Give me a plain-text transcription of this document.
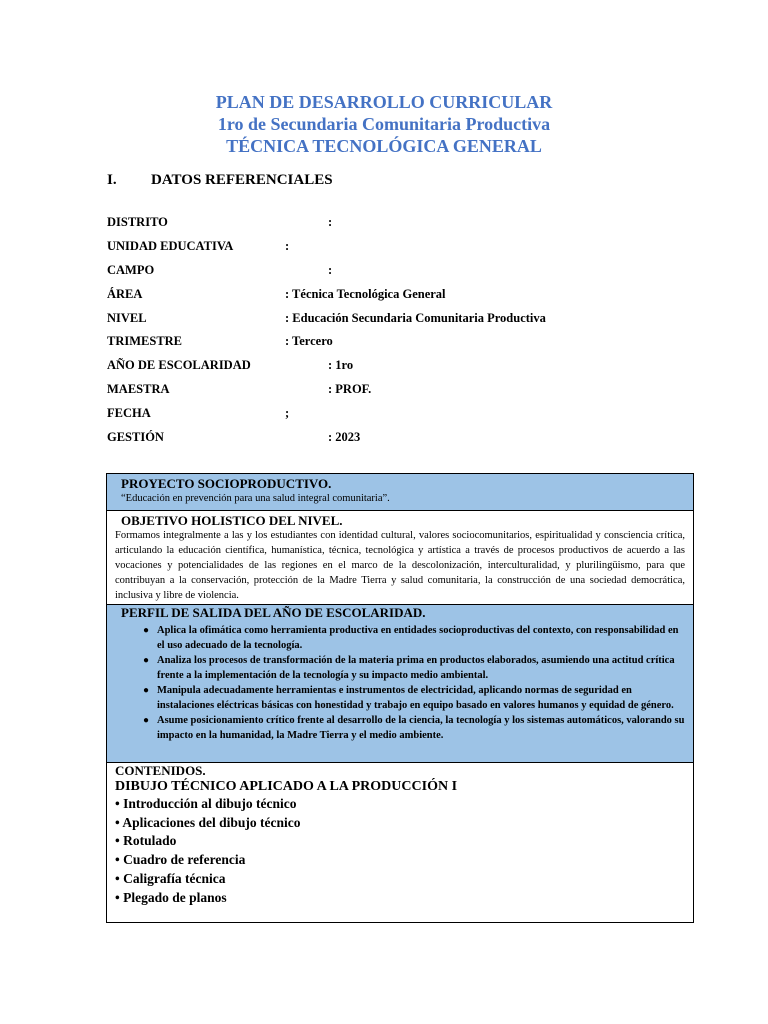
PLAN DE DESARROLLO CURRICULAR
1ro de Secundaria Comunitaria Productiva
TÉCNICA TECNOLÓGICA GENERAL
I. DATOS REFERENCIALES
DISTRITO	:
UNIDAD EDUCATIVA	:
CAMPO	:
ÁREA	: Técnica Tecnológica General
NIVEL	: Educación Secundaria Comunitaria Productiva
TRIMESTRE	: Tercero
AÑO DE ESCOLARIDAD	: 1ro
MAESTRA	: PROF.
FECHA	;
GESTIÓN	: 2023
PROYECTO SOCIOPRODUCTIVO.
“Educación en prevención para una salud integral comunitaria”.
OBJETIVO HOLISTICO DEL NIVEL.
Formamos integralmente a las y los estudiantes con identidad cultural, valores sociocomunitarios, espiritualidad y consciencia crítica, articulando la educación científica, humanística, técnica, tecnológica y artística a través de procesos productivos de acuerdo a las vocaciones y potencialidades de las regiones en el marco de la descolonización, interculturalidad, y plurilingüismo, para que contribuyan a la conservación, protección de la Madre Tierra y salud comunitaria, la construcción de una sociedad democrática, inclusiva y libre de violencia.
PERFIL DE SALIDA DEL AÑO DE ESCOLARIDAD.
● Aplica la ofimática como herramienta productiva en entidades socioproductivas del contexto, con responsabilidad en el uso adecuado de la tecnología.
● Analiza los procesos de transformación de la materia prima en productos elaborados, asumiendo una actitud crítica frente a la implementación de la tecnología y su impacto medio ambiental.
● Manipula adecuadamente herramientas e instrumentos de electricidad, aplicando normas de seguridad en instalaciones eléctricas básicas con honestidad y trabajo en equipo basado en valores humanos y equidad de género.
● Asume posicionamiento crítico frente al desarrollo de la ciencia, la tecnología y los sistemas automáticos, valorando su impacto en la humanidad, la Madre Tierra y el medio ambiente.
CONTENIDOS.
DIBUJO TÉCNICO APLICADO A LA PRODUCCIÓN I
• Introducción al dibujo técnico
• Aplicaciones del dibujo técnico
• Rotulado
• Cuadro de referencia
• Caligrafía técnica
• Plegado de planos
